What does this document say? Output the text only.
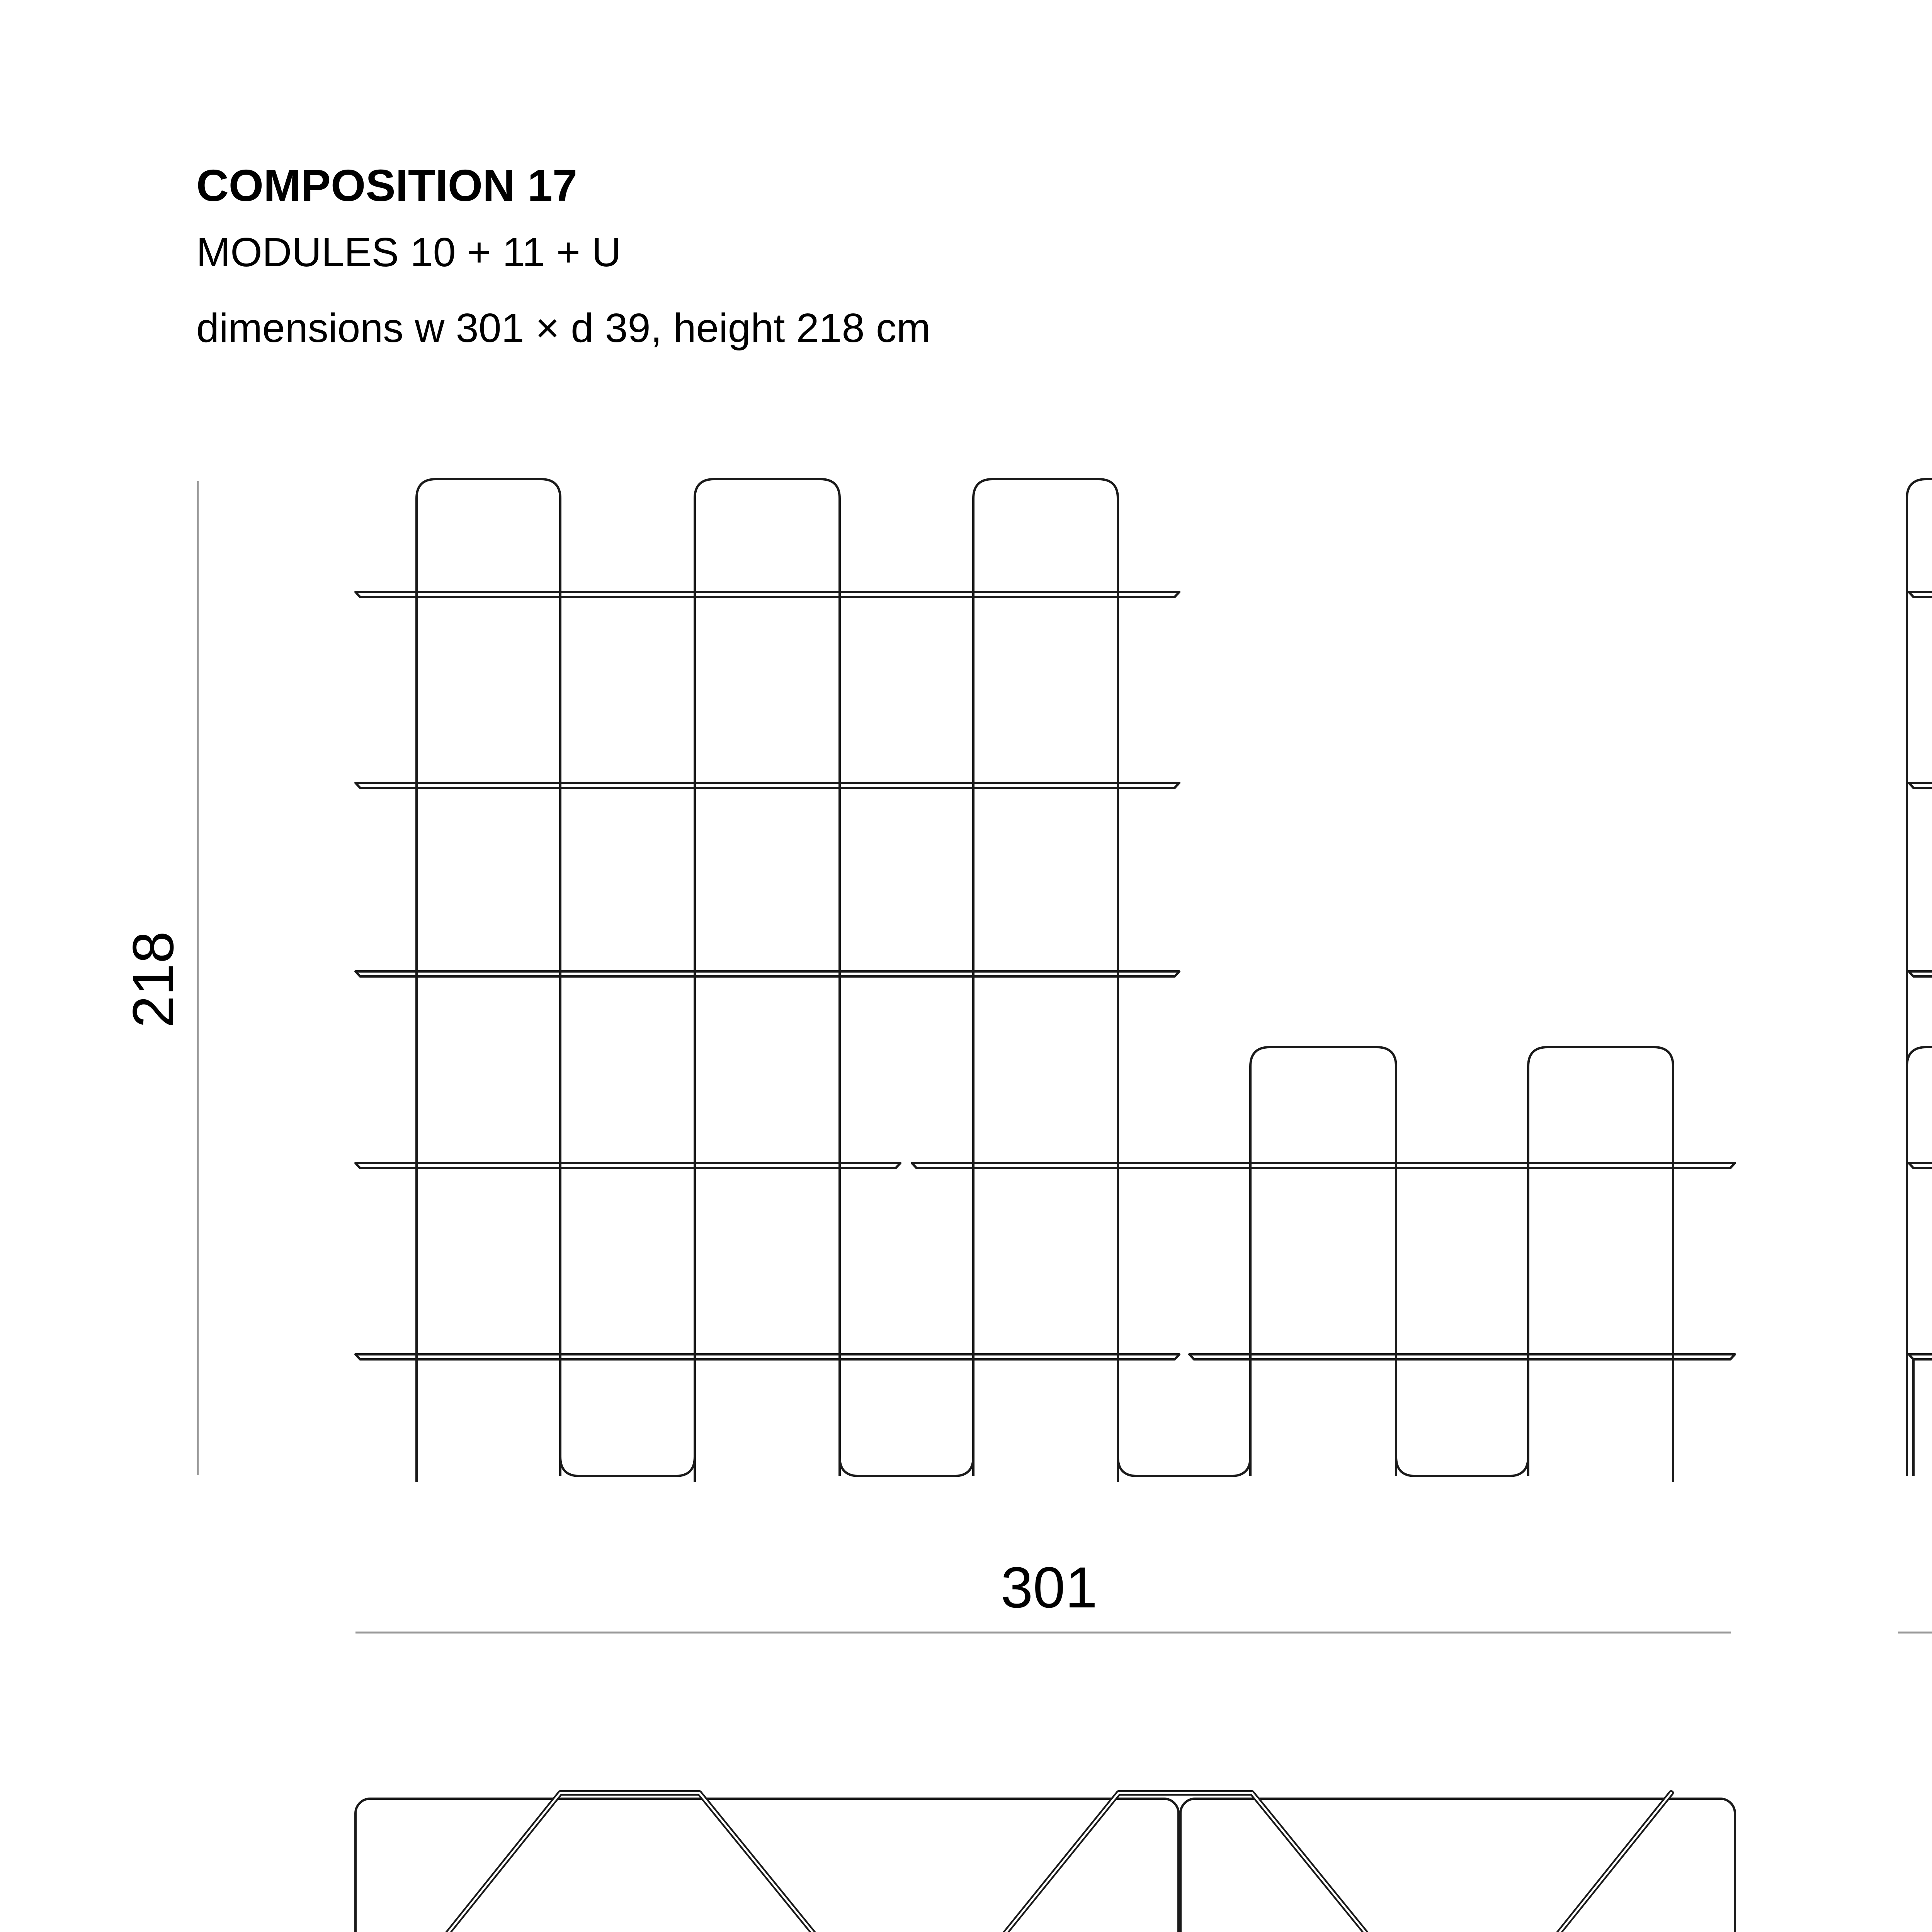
COMPOSITION 17
MODULES 10 + 11 + U
dimensions w 301 × d 39, height 218 cm
218
301
